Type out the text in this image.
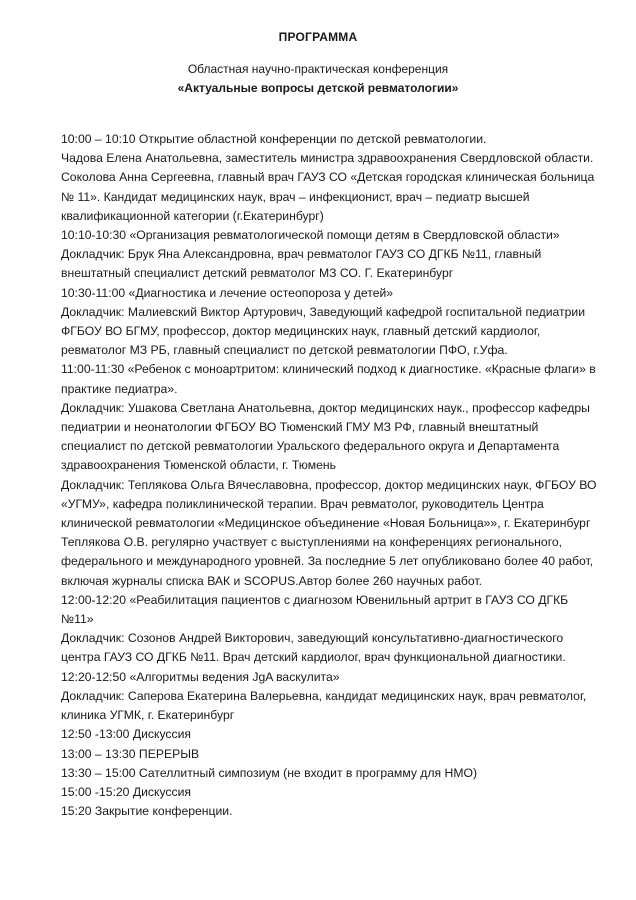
ПРОГРАММА
Областная научно-практическая конференция
«Актуальные вопросы детской ревматологии»

10:00 – 10:10 Открытие областной конференции по детской ревматологии.

Чадова Елена Анатольевна, заместитель министра здравоохранения Свердловской области.

Соколова Анна Сергеевна, главный врач ГАУЗ СО «Детская городская клиническая больница № 11». Кандидат медицинских наук, врач – инфекционист, врач – педиатр высшей квалификационной категории (г.Екатеринбург)

10:10-10:30 «Организация ревматологической помощи детям в Свердловской области»

Докладчик: Брук Яна Александровна, врач ревматолог ГАУЗ СО ДГКБ №11, главный внештатный специалист детский ревматолог МЗ СО. Г. Екатеринбург

10:30-11:00 «Диагностика и лечение остеопороза у детей»

Докладчик: Малиевский Виктор Артурович, Заведующий кафедрой госпитальной педиатрии ФГБОУ ВО БГМУ, профессор, доктор медицинских наук, главный детский кардиолог, ревматолог МЗ РБ, главный специалист по детской ревматологии ПФО, г.Уфа.

11:00-11:30 «Ребенок с моноартритом: клинический подход к диагностике. «Красные флаги» в практике педиатра».

Докладчик: Ушакова Светлана Анатольевна, доктор медицинских наук., профессор кафедры педиатрии и неонатологии ФГБОУ ВО Тюменский ГМУ МЗ РФ, главный внештатный специалист по детской ревматологии Уральского федерального округа и Департамента здравоохранения Тюменской области, г. Тюмень

Докладчик: Теплякова Ольга Вячеславовна, профессор, доктор медицинских наук, ФГБОУ ВО «УГМУ», кафедра поликлинической терапии. Врач ревматолог, руководитель Центра клинической ревматологии «Медицинское объединение «Новая Больница»», г. Екатеринбург

Теплякова О.В. регулярно участвует с выступлениями на конференциях регионального, федерального и международного уровней. За последние 5 лет опубликовано более 40 работ, включая журналы списка ВАК и SCOPUS.Автор более 260 научных работ.

12:00-12:20 «Реабилитация пациентов с диагнозом Ювенильный артрит в ГАУЗ СО ДГКБ №11»

Докладчик: Созонов Андрей Викторович, заведующий консультативно-диагностического центра ГАУЗ СО ДГКБ №11. Врач детский кардиолог, врач функциональной диагностики.

12:20-12:50 «Алгоритмы ведения JgA васкулита»

Докладчик: Саперова Екатерина Валерьевна, кандидат медицинских наук, врач ревматолог, клиника УГМК, г. Екатеринбург

12:50 -13:00 Дискуссия

13:00 – 13:30 ПЕРЕРЫВ

13:30 – 15:00 Сателлитный симпозиум (не входит в программу для НМО)

15:00 -15:20 Дискуссия

15:20 Закрытие конференции.
